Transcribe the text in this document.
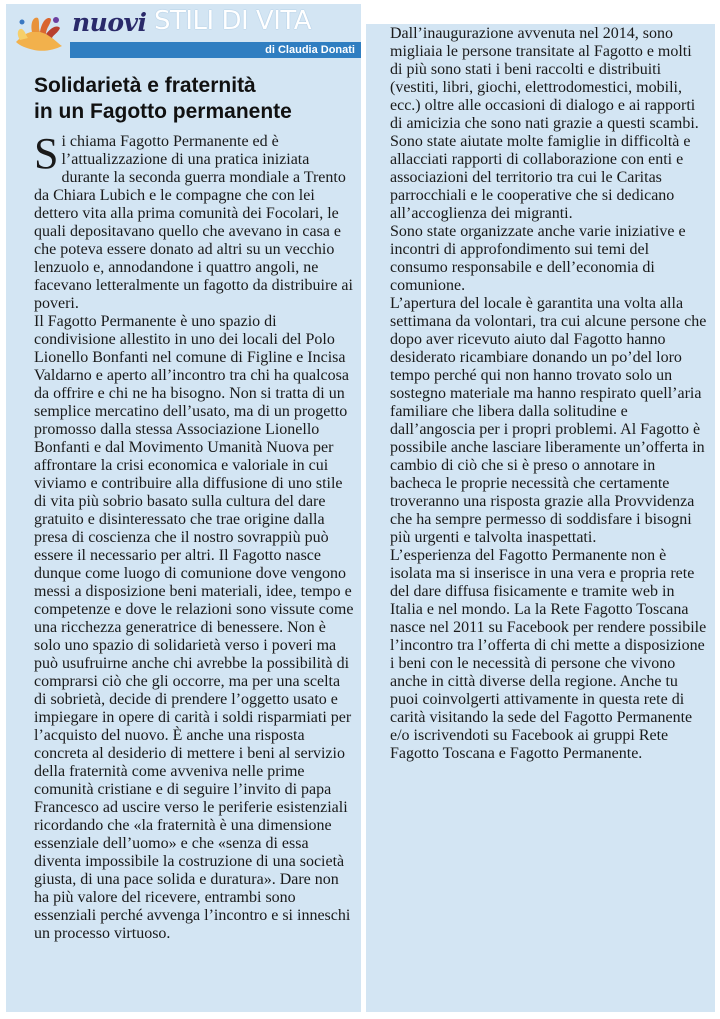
nuovi STILI DI VITA
di Claudia Donati
Solidarietà e fraternità
in un Fagotto permanente

Si chiama Fagotto Permanente ed è l’attualizzazione di una pratica iniziata durante la seconda guerra mondiale a Trento da Chiara Lubich e le compagne che con lei dettero vita alla prima comunità dei Focolari, le quali depositavano quello che avevano in casa e che poteva essere donato ad altri su un vecchio lenzuolo e, annodandone i quattro angoli, ne facevano letteralmente un fagotto da distribuire ai poveri.

Il Fagotto Permanente è uno spazio di condivisione allestito in uno dei locali del Polo Lionello Bonfanti nel comune di Figline e Incisa Valdarno e aperto all’incontro tra chi ha qualcosa da offrire e chi ne ha bisogno. Non si tratta di un semplice mercatino dell’usato, ma di un progetto promosso dalla stessa Associazione Lionello Bonfanti e dal Movimento Umanità Nuova per affrontare la crisi economica e valoriale in cui viviamo e contribuire alla diffusione di uno stile di vita più sobrio basato sulla cultura del dare gratuito e disinteressato che trae origine dalla presa di coscienza che il nostro sovrappiù può essere il necessario per altri. Il Fagotto nasce dunque come luogo di comunione dove vengono messi a disposizione beni materiali, idee, tempo e competenze e dove le relazioni sono vissute come una ricchezza generatrice di benessere. Non è solo uno spazio di solidarietà verso i poveri ma può usufruirne anche chi avrebbe la possibilità di comprarsi ciò che gli occorre, ma per una scelta di sobrietà, decide di prendere l’oggetto usato e impiegare in opere di carità i soldi risparmiati per l’acquisto del nuovo. È anche una risposta concreta al desiderio di mettere i beni al servizio della fraternità come avveniva nelle prime comunità cristiane e di seguire l’invito di papa Francesco ad uscire verso le periferie esistenziali ricordando che «la fraternità è una dimensione essenziale dell’uomo» e che «senza di essa diventa impossibile la costruzione di una società giusta, di una pace solida e duratura». Dare non ha più valore del ricevere, entrambi sono essenziali perché avvenga l’incontro e si inneschi un processo virtuoso.

Dall’inaugurazione avvenuta nel 2014, sono migliaia le persone transitate al Fagotto e molti di più sono stati i beni raccolti e distribuiti (vestiti, libri, giochi, elettrodomestici, mobili, ecc.) oltre alle occasioni di dialogo e ai rapporti di amicizia che sono nati grazie a questi scambi. Sono state aiutate molte famiglie in difficoltà e allacciati rapporti di collaborazione con enti e associazioni del territorio tra cui le Caritas parrocchiali e le cooperative che si dedicano all’accoglienza dei migranti.

Sono state organizzate anche varie iniziative e incontri di approfondimento sui temi del consumo responsabile e dell’economia di comunione.

L’apertura del locale è garantita una volta alla settimana da volontari, tra cui alcune persone che dopo aver ricevuto aiuto dal Fagotto hanno desiderato ricambiare donando un po’del loro tempo perché qui non hanno trovato solo un sostegno materiale ma hanno respirato quell’aria familiare che libera dalla solitudine e dall’angoscia per i propri problemi. Al Fagotto è possibile anche lasciare liberamente un’offerta in cambio di ciò che si è preso o annotare in bacheca le proprie necessità che certamente troveranno una risposta grazie alla Provvidenza che ha sempre permesso di soddisfare i bisogni più urgenti e talvolta inaspettati.

L’esperienza del Fagotto Permanente non è isolata ma si inserisce in una vera e propria rete del dare diffusa fisicamente e tramite web in Italia e nel mondo. La la Rete Fagotto Toscana nasce nel 2011 su Facebook per rendere possibile l’incontro tra l’offerta di chi mette a disposizione i beni con le necessità di persone che vivono anche in città diverse della regione. Anche tu puoi coinvolgerti attivamente in questa rete di carità visitando la sede del Fagotto Permanente e/o iscrivendoti su Facebook ai gruppi Rete Fagotto Toscana e Fagotto Permanente.
